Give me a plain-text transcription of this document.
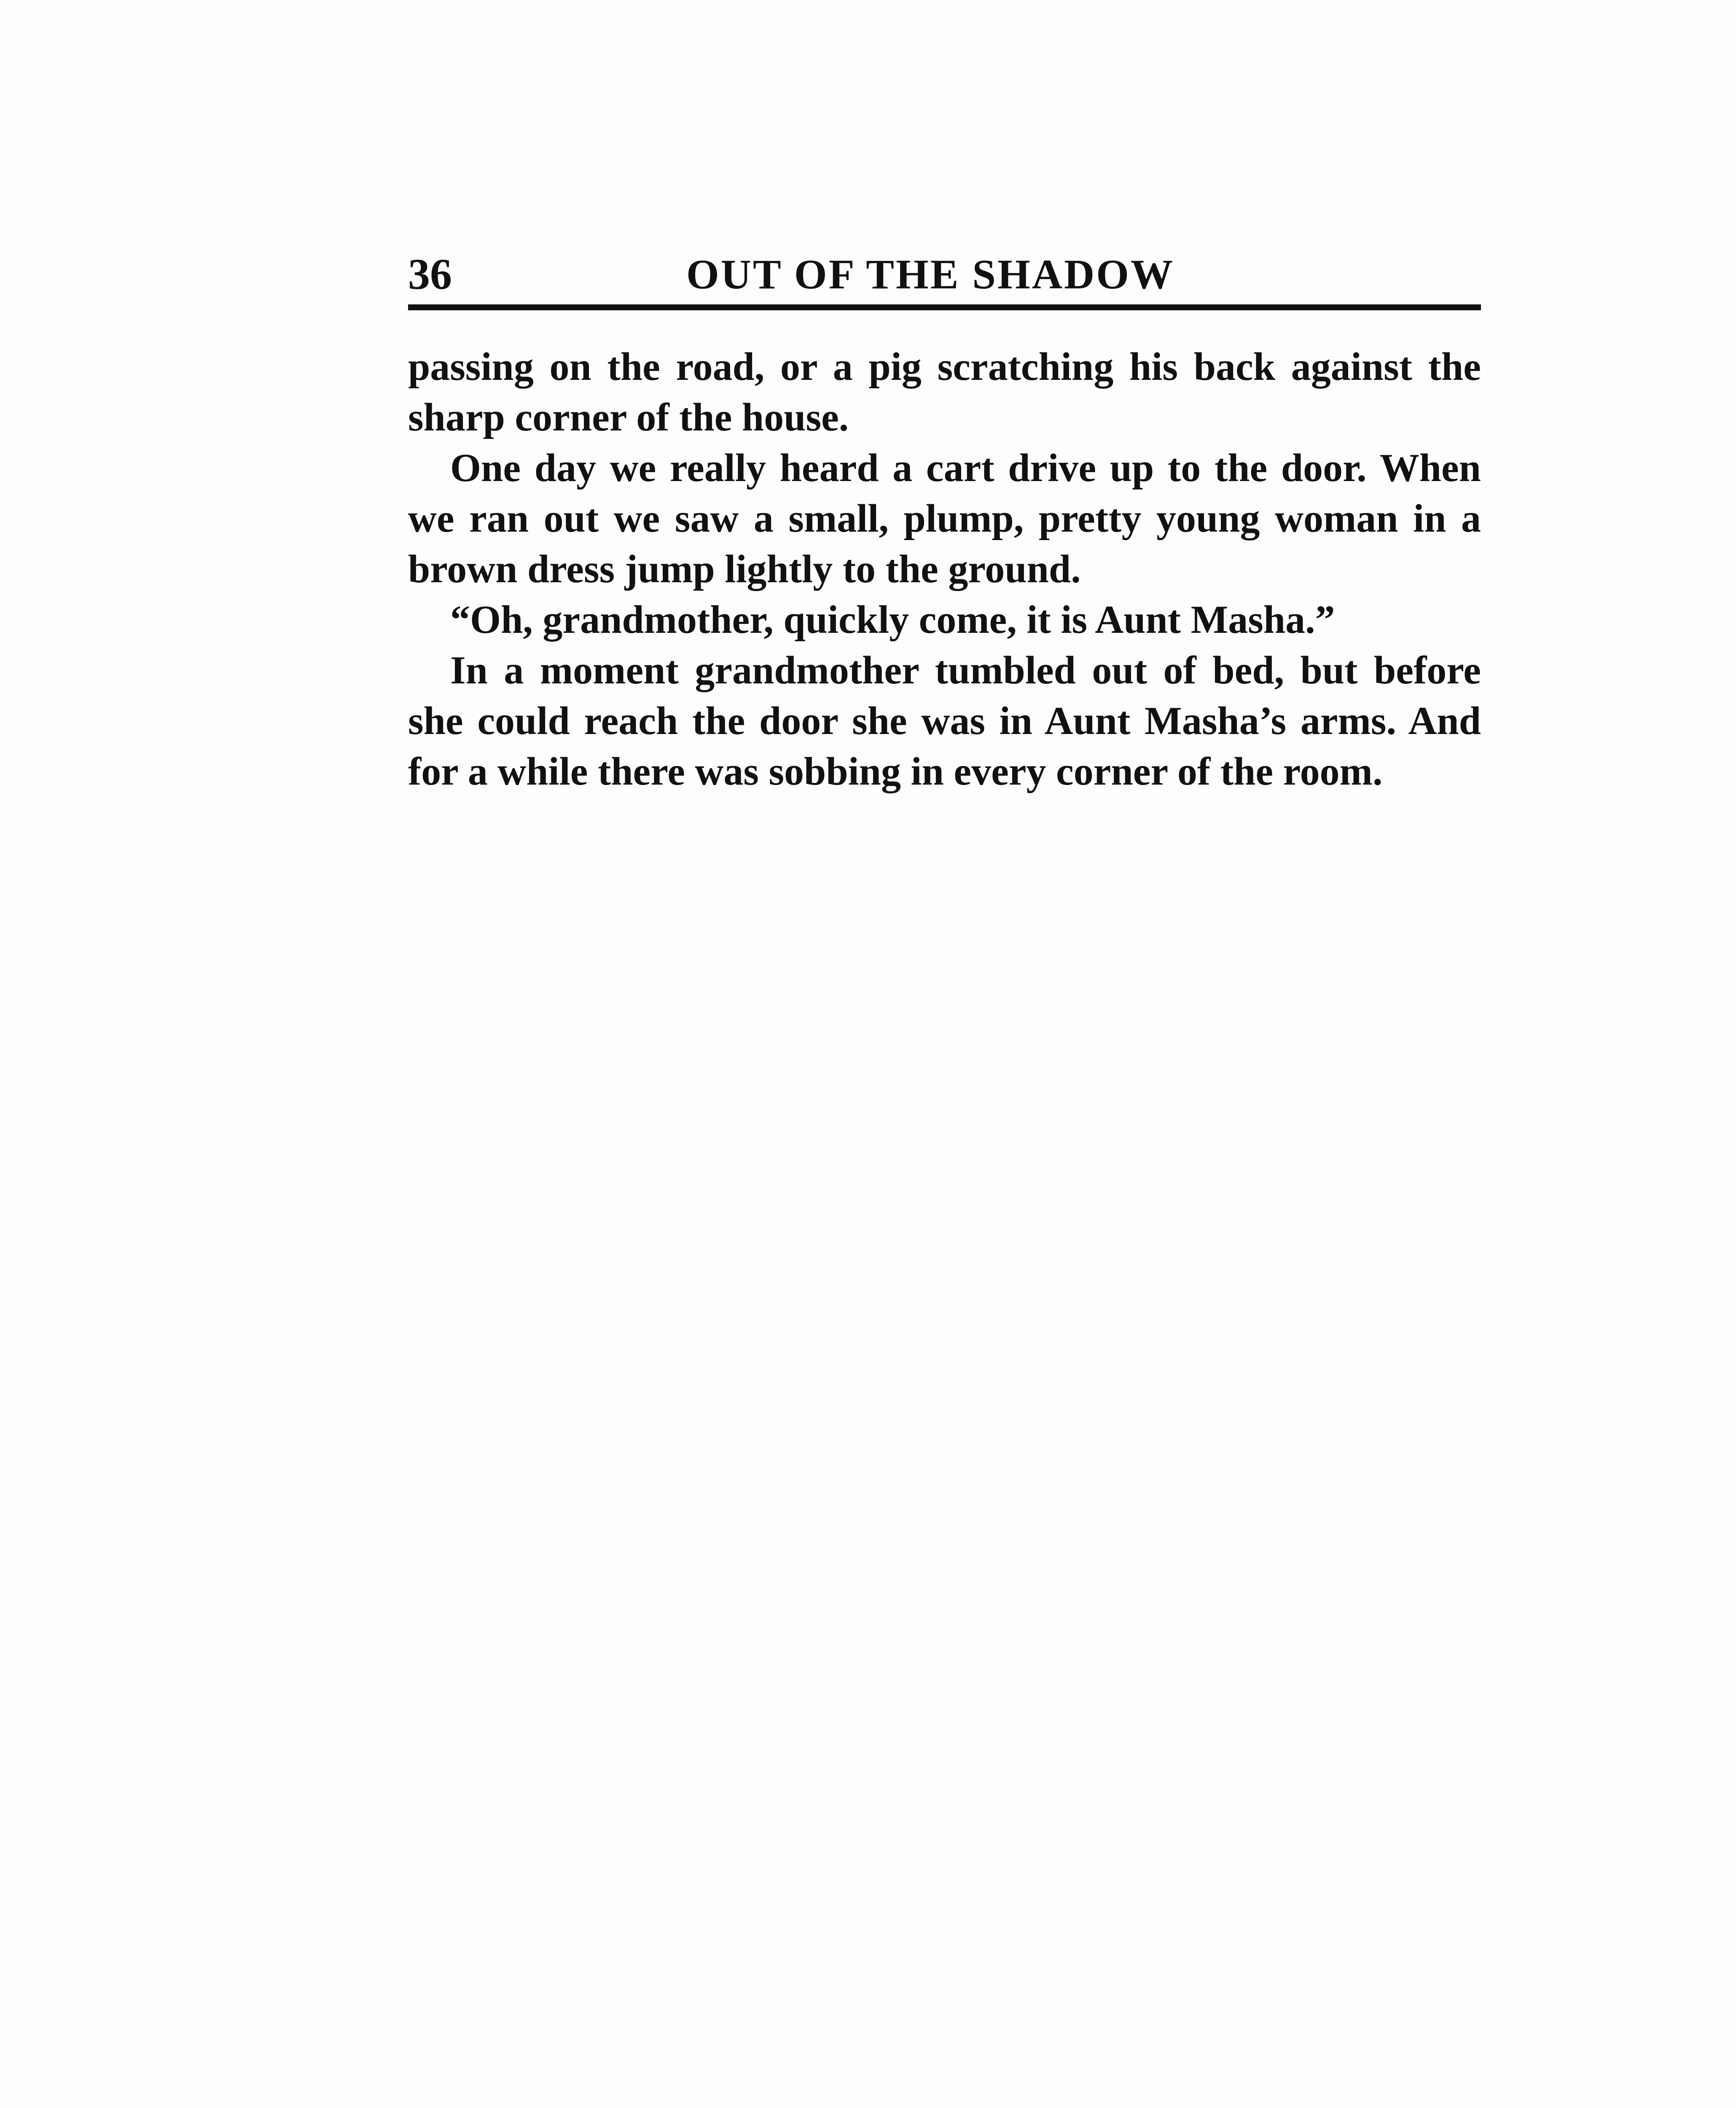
36	OUT OF THE SHADOW

passing on the road, or a pig scratching his back against the sharp corner of the house.

One day we really heard a cart drive up to the door. When we ran out we saw a small, plump, pretty young woman in a brown dress jump lightly to the ground.

“Oh, grandmother, quickly come, it is Aunt Masha.”

In a moment grandmother tumbled out of bed, but before she could reach the door she was in Aunt Masha’s arms. And for a while there was sobbing in every corner of the room.
